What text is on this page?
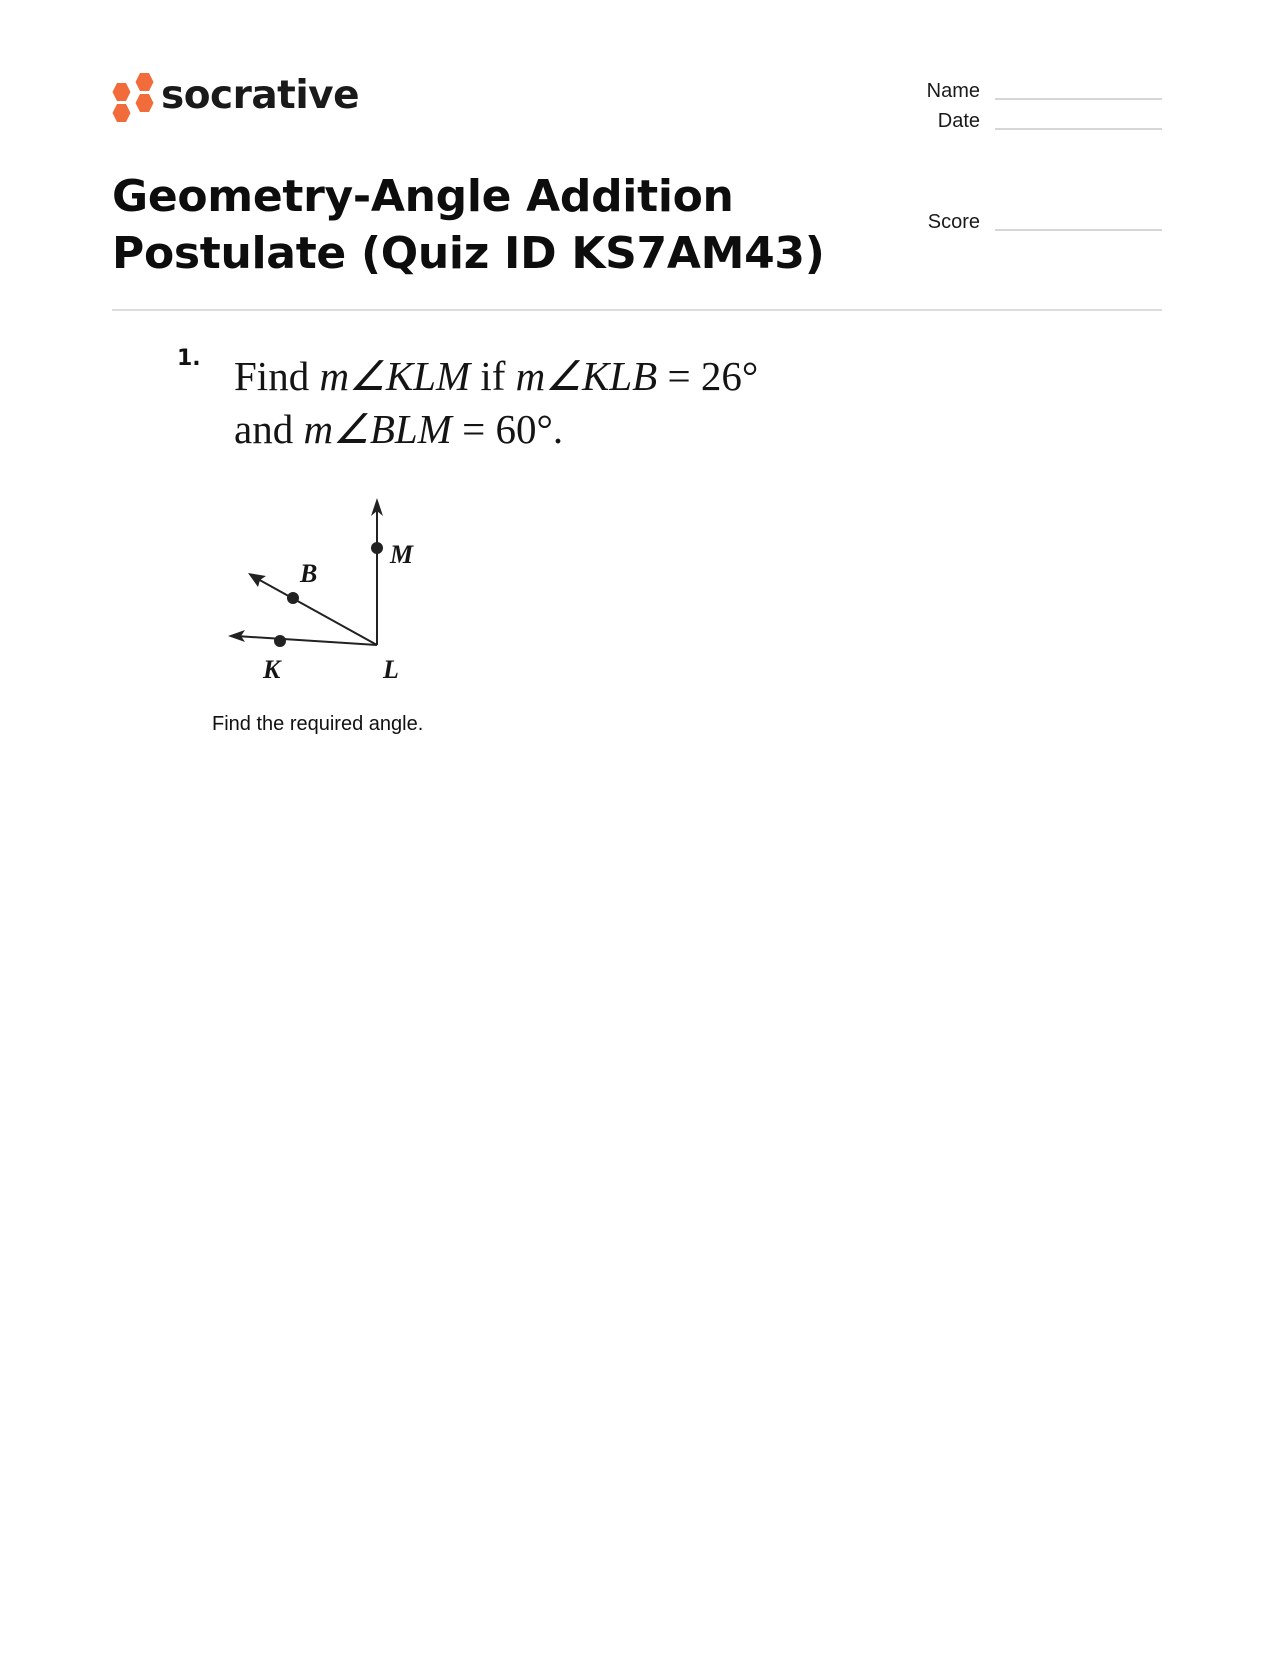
socrative	Name
Date
Score
Geometry-Angle Addition
Postulate (Quiz ID KS7AM43)
1. Find m∠KLM if m∠KLB = 26°
and m∠BLM = 60°.
M
B
K	L
Find the required angle.
